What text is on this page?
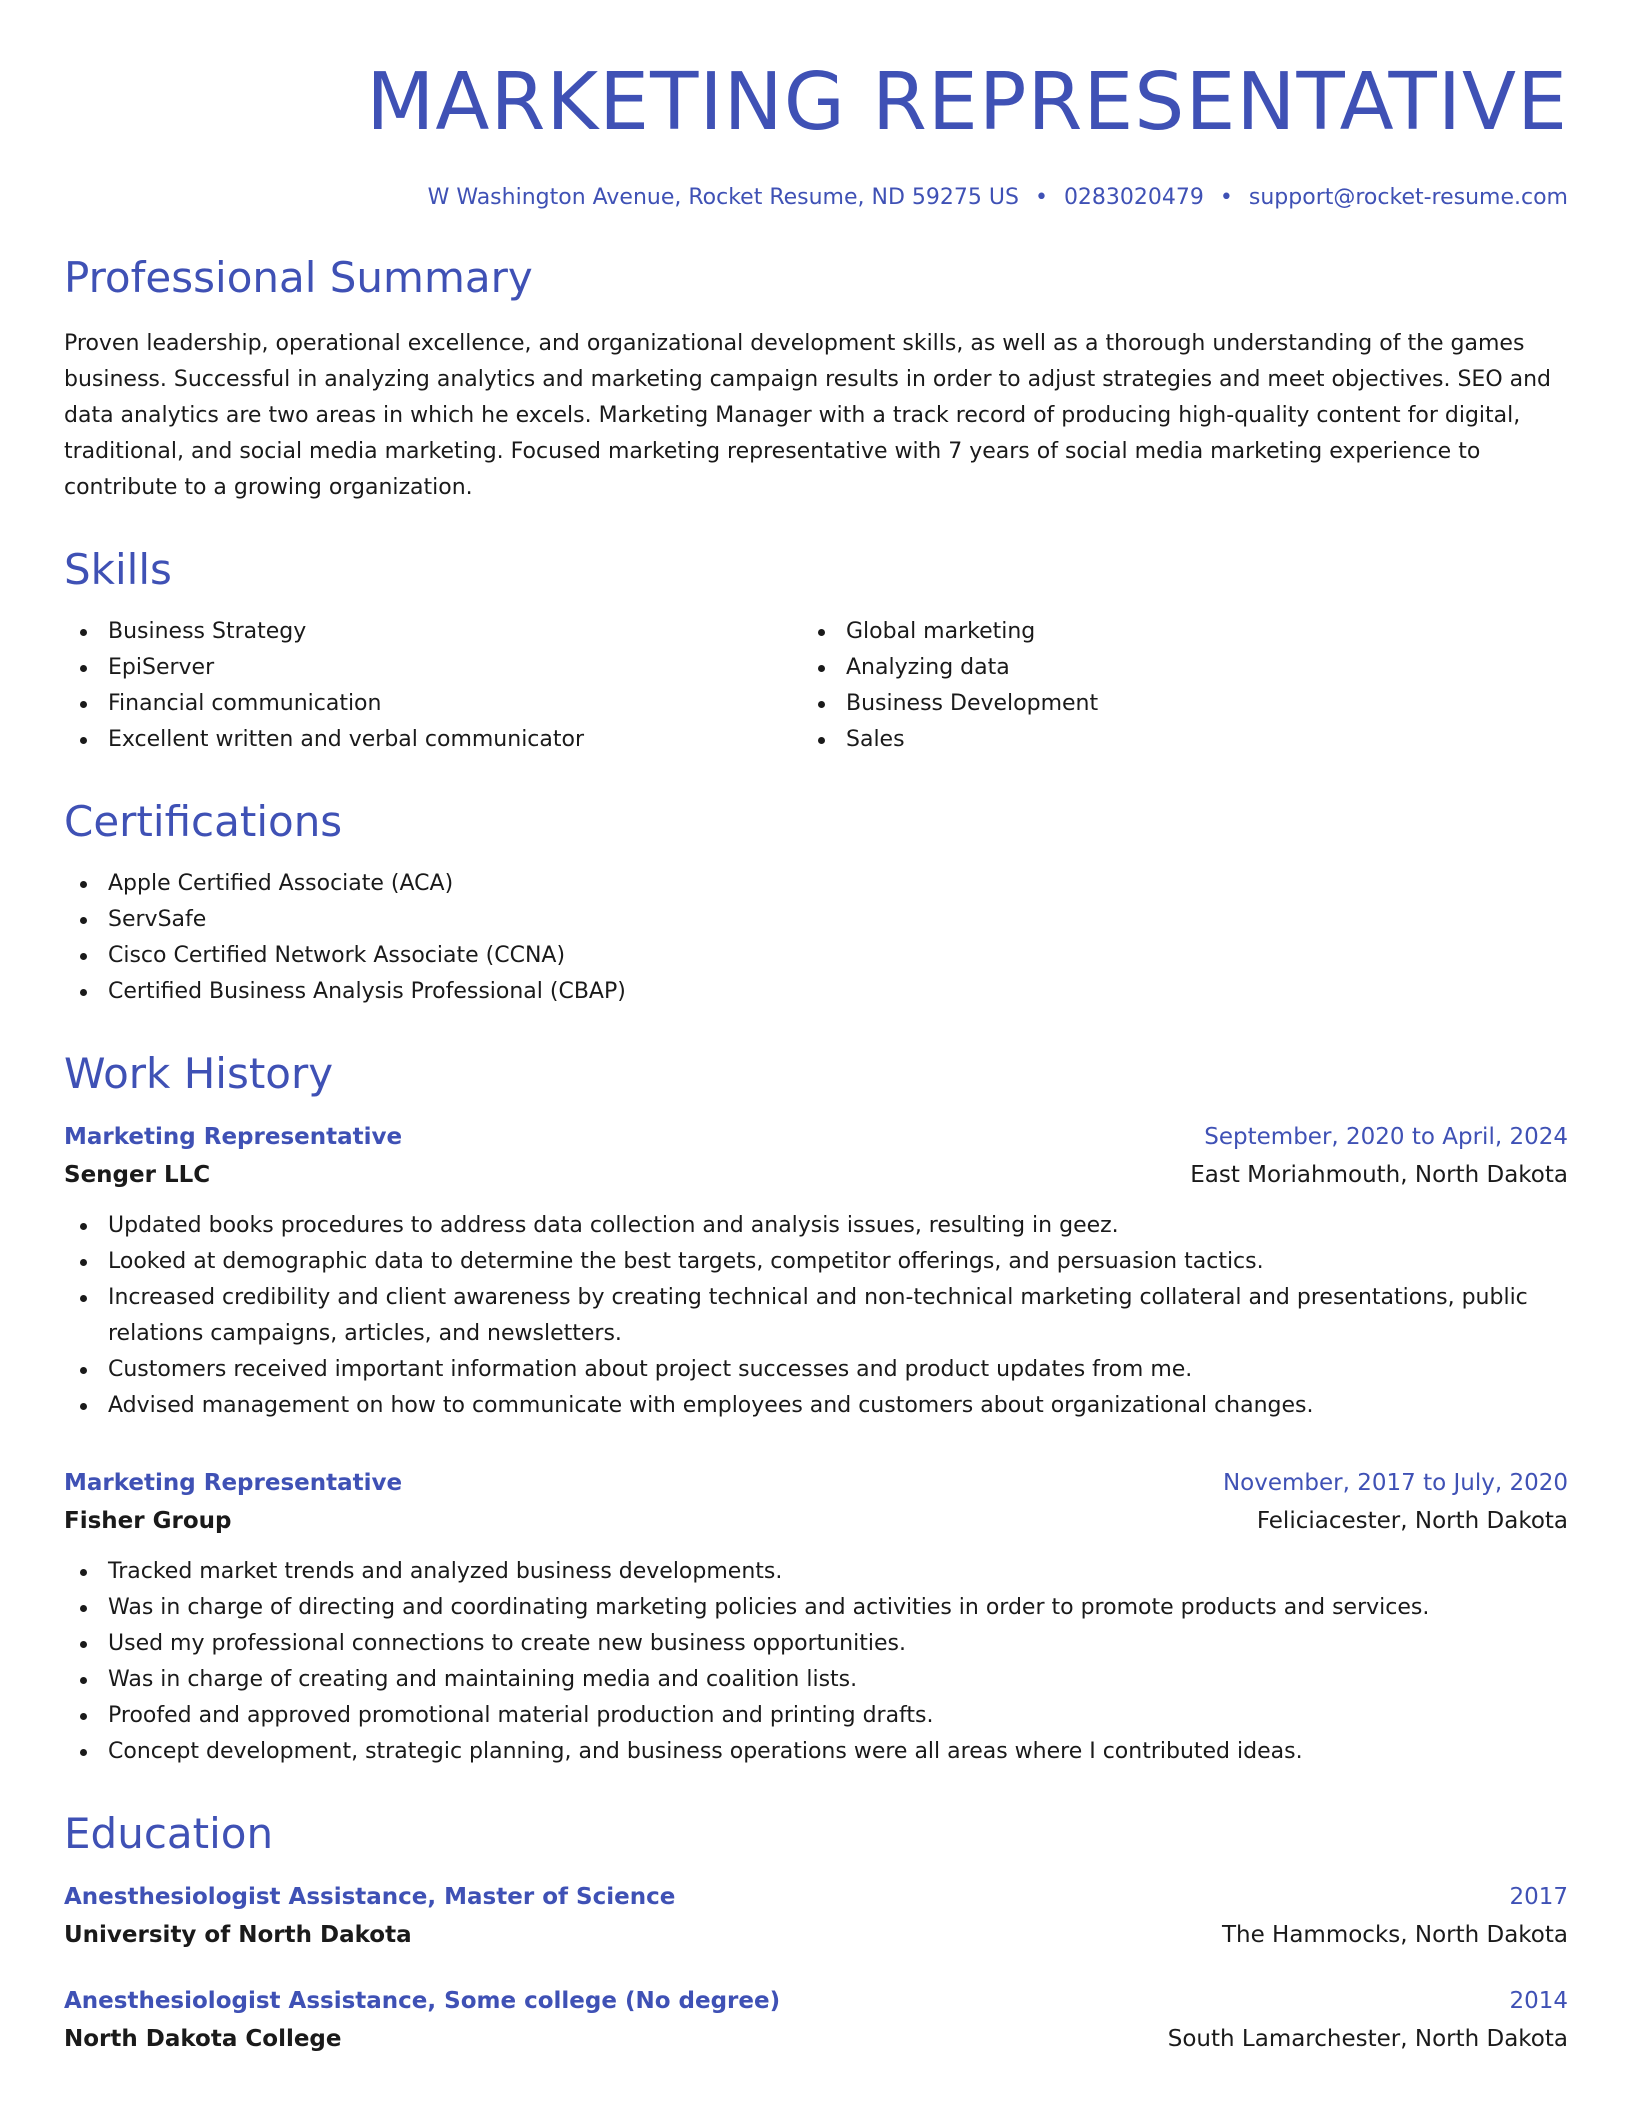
MARKETING REPRESENTATIVE
W Washington Avenue, Rocket Resume, ND 59275 US • 0283020479 • support@rocket-resume.com
Professional Summary
Proven leadership, operational excellence, and organizational development skills, as well as a thorough understanding of the games business. Successful in analyzing analytics and marketing campaign results in order to adjust strategies and meet objectives. SEO and data analytics are two areas in which he excels. Marketing Manager with a track record of producing high-quality content for digital, traditional, and social media marketing. Focused marketing representative with 7 years of social media marketing experience to contribute to a growing organization.
Skills
Business Strategy
EpiServer
Financial communication
Excellent written and verbal communicator
Global marketing
Analyzing data
Business Development
Sales
Certifications
Apple Certified Associate (ACA)
ServSafe
Cisco Certified Network Associate (CCNA)
Certified Business Analysis Professional (CBAP)
Work History
Marketing Representative	September, 2020 to April, 2024
Senger LLC	East Moriahmouth, North Dakota
Updated books procedures to address data collection and analysis issues, resulting in geez.
Looked at demographic data to determine the best targets, competitor offerings, and persuasion tactics.
Increased credibility and client awareness by creating technical and non-technical marketing collateral and presentations, public relations campaigns, articles, and newsletters.
Customers received important information about project successes and product updates from me.
Advised management on how to communicate with employees and customers about organizational changes.
Marketing Representative	November, 2017 to July, 2020
Fisher Group	Feliciacester, North Dakota
Tracked market trends and analyzed business developments.
Was in charge of directing and coordinating marketing policies and activities in order to promote products and services.
Used my professional connections to create new business opportunities.
Was in charge of creating and maintaining media and coalition lists.
Proofed and approved promotional material production and printing drafts.
Concept development, strategic planning, and business operations were all areas where I contributed ideas.
Education
Anesthesiologist Assistance, Master of Science	2017
University of North Dakota	The Hammocks, North Dakota
Anesthesiologist Assistance, Some college (No degree)	2014
North Dakota College	South Lamarchester, North Dakota
